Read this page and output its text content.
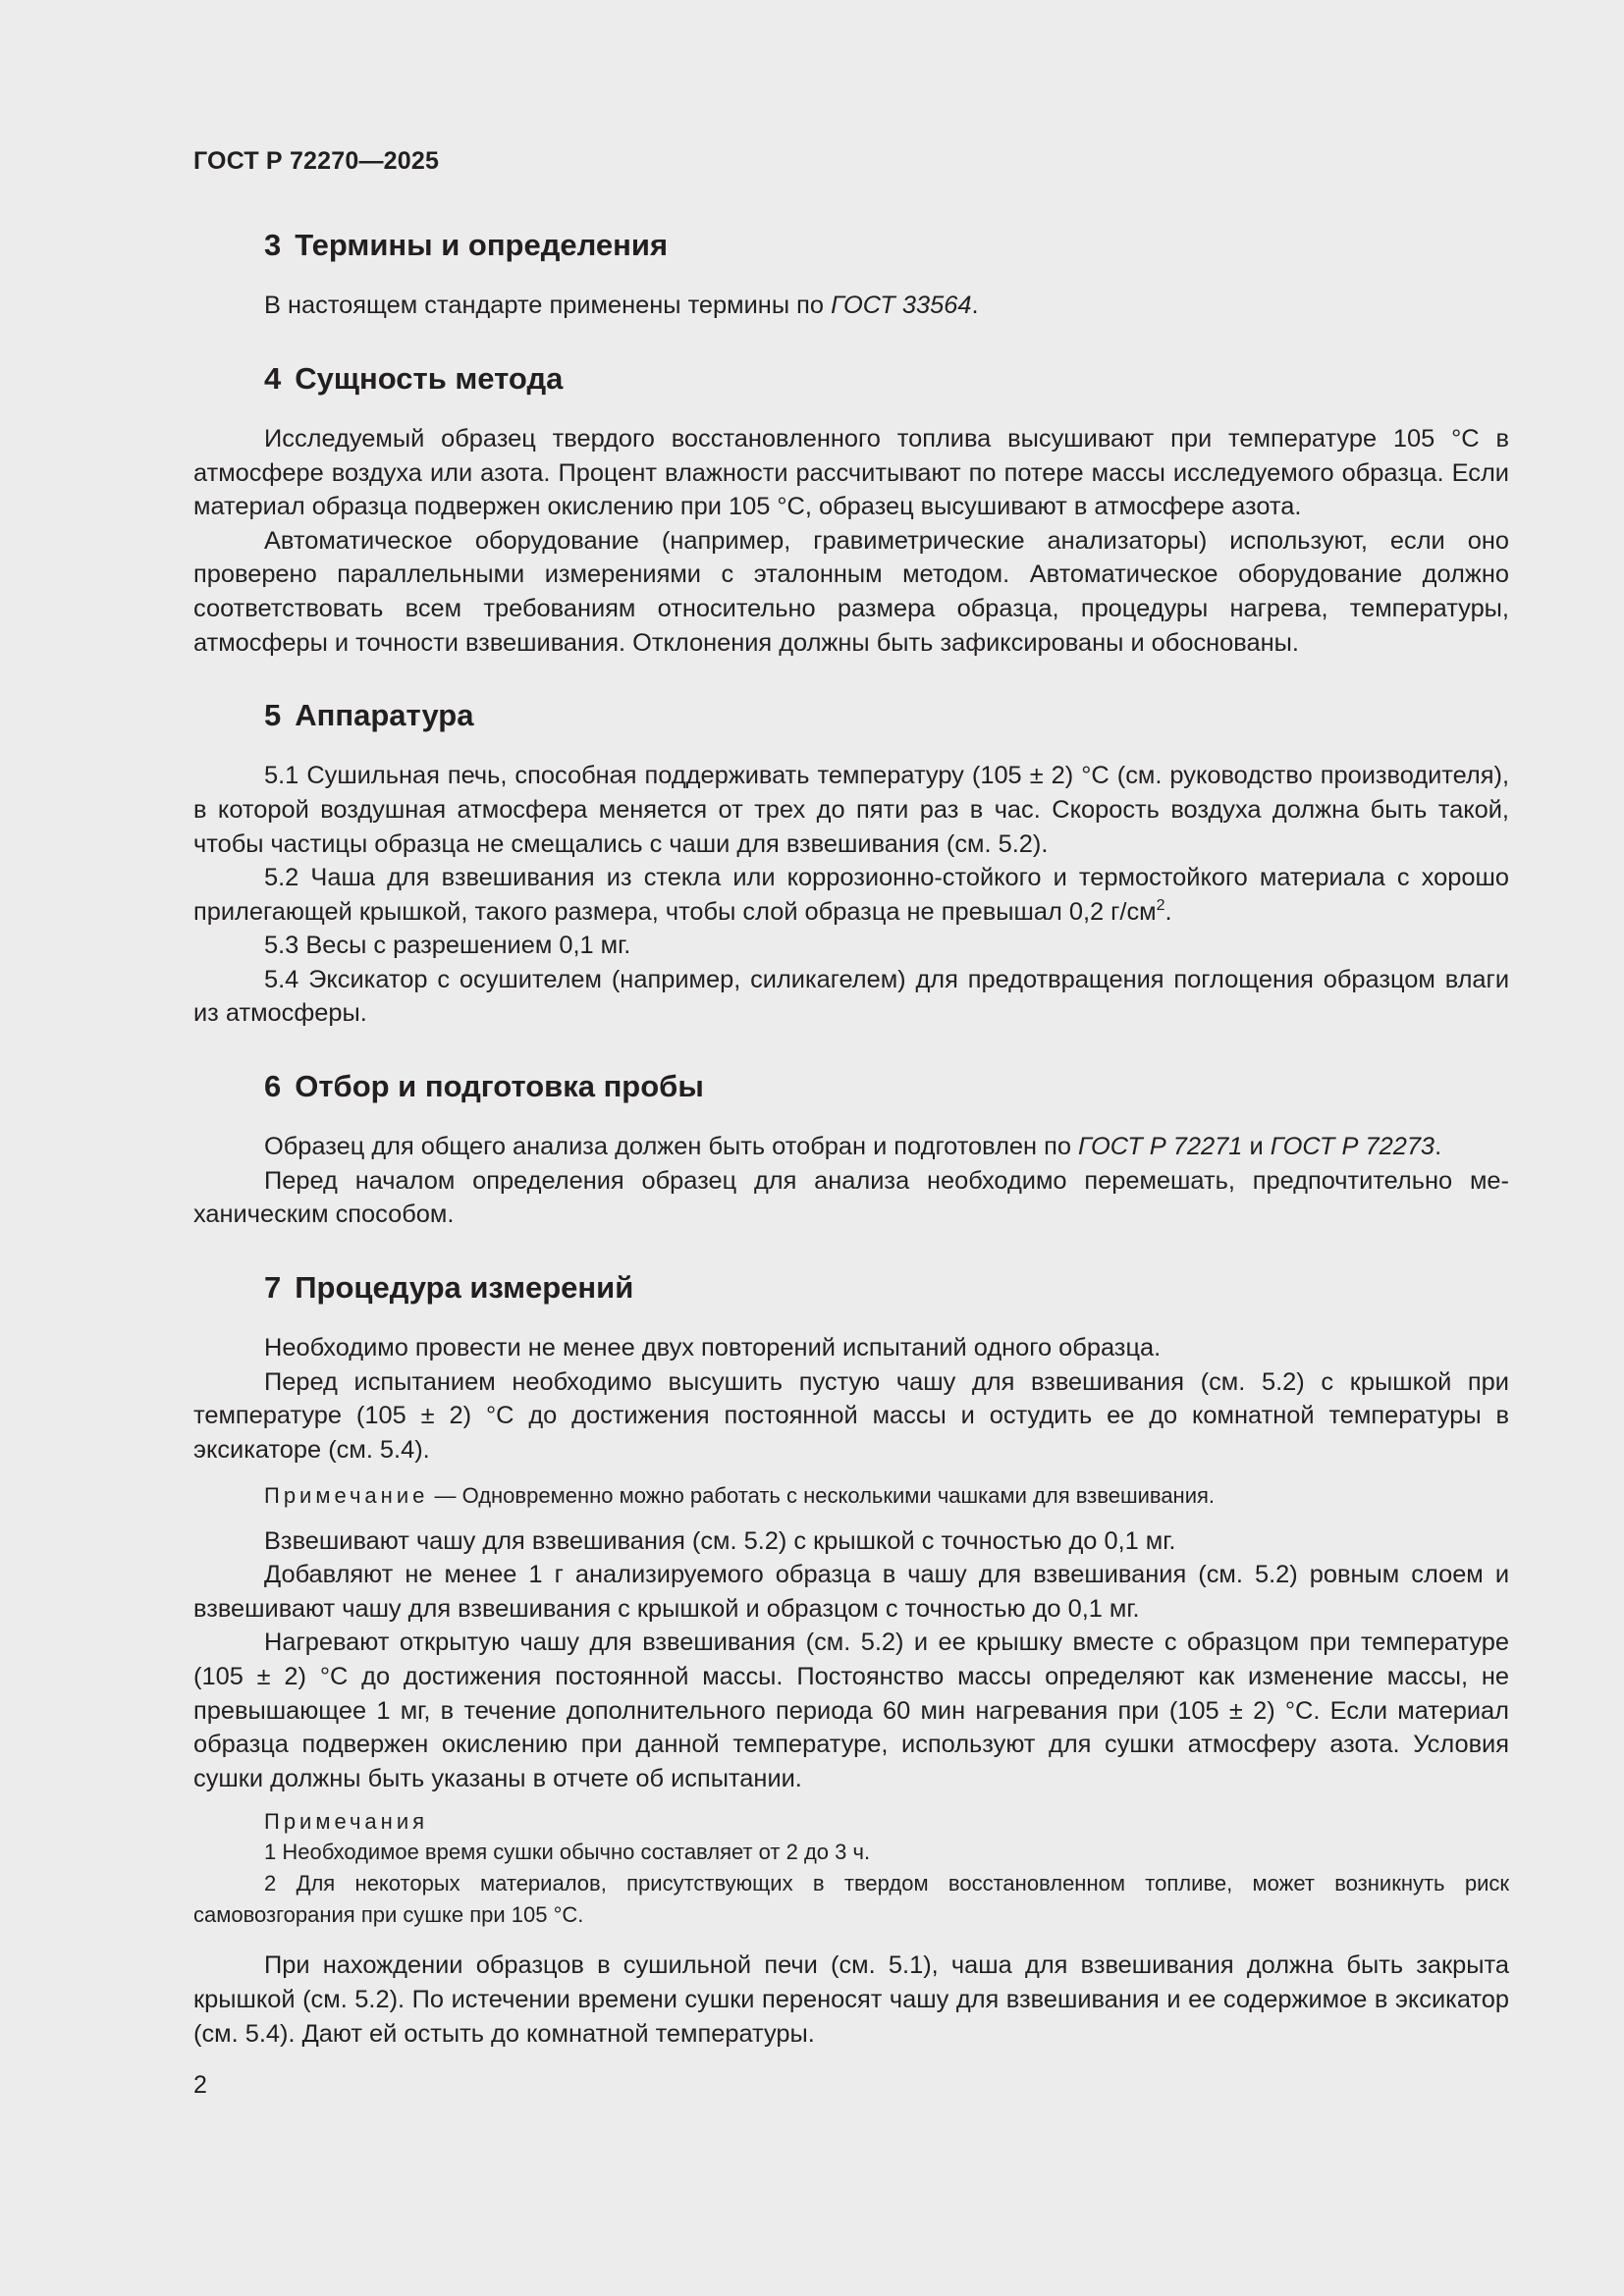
ГОСТ Р 72270—2025
3 Термины и определения

В настоящем стандарте применены термины по ГОСТ 33564.

4 Сущность метода

Исследуемый образец твердого восстановленного топлива высушивают при температуре 105 °С в атмосфере воздуха или азота. Процент влажности рассчитывают по потере массы исследуемого образца. Если материал образца подвержен окислению при 105 °С, образец высушивают в атмосфере азота.

Автоматическое оборудование (например, гравиметрические анализаторы) используют, если оно проверено параллельными измерениями с эталонным методом. Автоматическое оборудование должно соответствовать всем требованиям относительно размера образца, процедуры нагрева, температуры, атмосферы и точности взвешивания. Отклонения должны быть зафиксированы и обоснованы.

5 Аппаратура

5.1 Сушильная печь, способная поддерживать температуру (105 ± 2) °С (см. руководство производителя), в которой воздушная атмосфера меняется от трех до пяти раз в час. Скорость воздуха должна быть такой, чтобы частицы образца не смещались с чаши для взвешивания (см. 5.2).

5.2 Чаша для взвешивания из стекла или коррозионно-стойкого и термостойкого материала с хорошо прилегающей крышкой, такого размера, чтобы слой образца не превышал 0,2 $г/см^2$.

5.3 Весы с разрешением 0,1 мг.

5.4 Эксикатор с осушителем (например, силикагелем) для предотвращения поглощения образцом влаги из атмосферы.

6 Отбор и подготовка пробы

Образец для общего анализа должен быть отобран и подготовлен по ГОСТ Р 72271 и ГОСТ Р 72273.

Перед началом определения образец для анализа необходимо перемешать, предпочтительно механическим способом.

7 Процедура измерений

Необходимо провести не менее двух повторений испытаний одного образца.

Перед испытанием необходимо высушить пустую чашу для взвешивания (см. 5.2) с крышкой при температуре (105 ± 2) °С до достижения постоянной массы и остудить ее до комнатной температуры в эксикаторе (см. 5.4).

Примечание — Одновременно можно работать с несколькими чашками для взвешивания.

Взвешивают чашу для взвешивания (см. 5.2) с крышкой с точностью до 0,1 мг.

Добавляют не менее 1 г анализируемого образца в чашу для взвешивания (см. 5.2) ровным слоем и взвешивают чашу для взвешивания с крышкой и образцом с точностью до 0,1 мг.

Нагревают открытую чашу для взвешивания (см. 5.2) и ее крышку вместе с образцом при температуре (105 ± 2) °С до достижения постоянной массы. Постоянство массы определяют как изменение массы, не превышающее 1 мг, в течение дополнительного периода 60 мин нагревания при (105 ± 2) °С. Если материал образца подвержен окислению при данной температуре, используют для сушки атмосферу азота. Условия сушки должны быть указаны в отчете об испытании.

Примечания
1 Необходимое время сушки обычно составляет от 2 до 3 ч.
2 Для некоторых материалов, присутствующих в твердом восстановленном топливе, может возникнуть риск самовозгорания при сушке при 105 °С.

При нахождении образцов в сушильной печи (см. 5.1), чаша для взвешивания должна быть закрыта крышкой (см. 5.2). По истечении времени сушки переносят чашу для взвешивания и ее содержимое в эксикатор (см. 5.4). Дают ей остыть до комнатной температуры.

2
